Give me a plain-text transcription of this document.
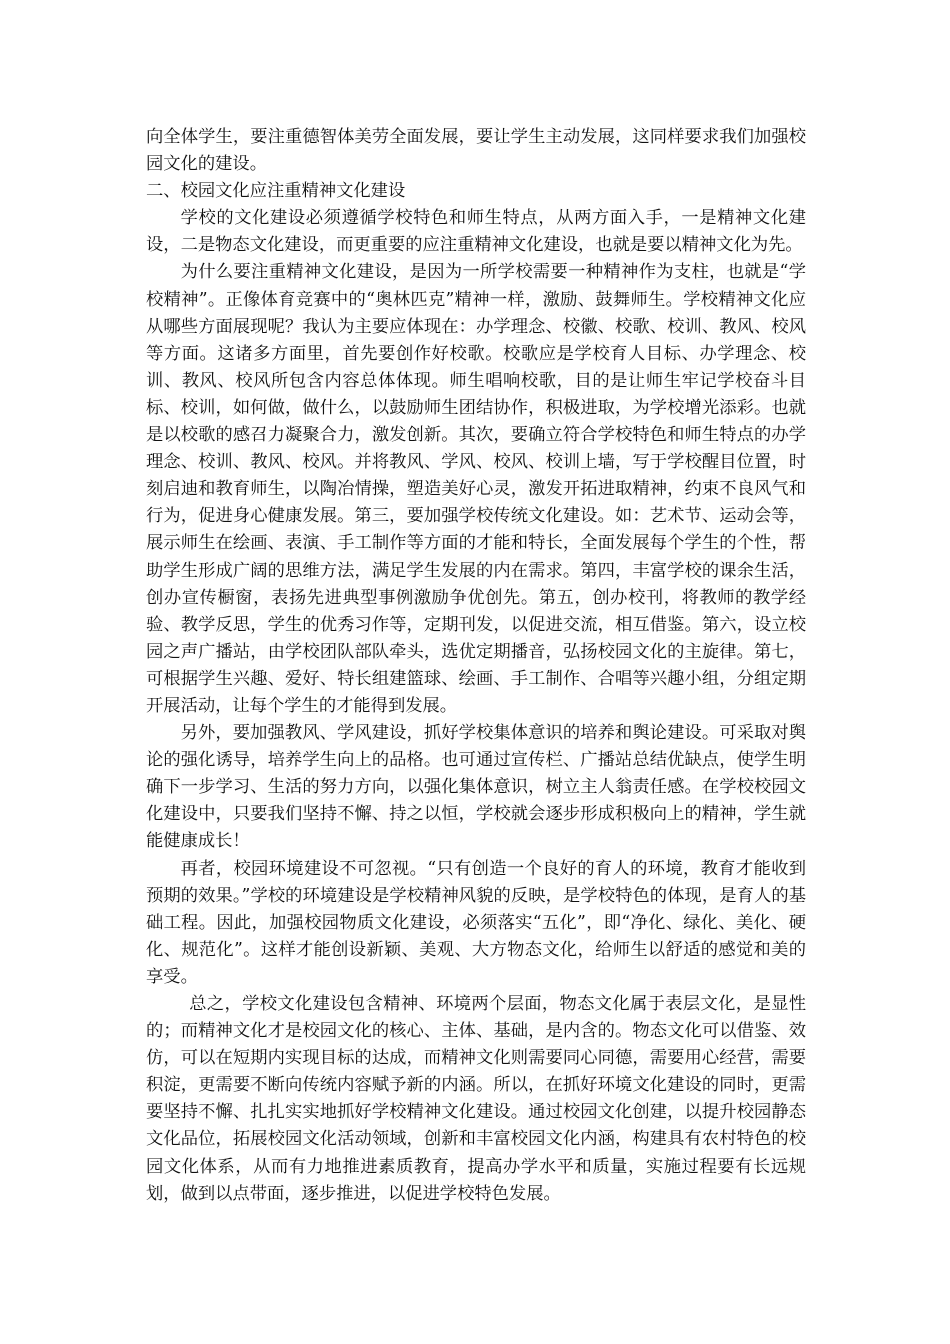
向全体学生，要注重德智体美劳全面发展，要让学生主动发展，这同样要求我们加强校园文化的建设。

二、校园文化应注重精神文化建设

学校的文化建设必须遵循学校特色和师生特点，从两方面入手，一是精神文化建设，二是物态文化建设，而更重要的应注重精神文化建设，也就是要以精神文化为先。

为什么要注重精神文化建设，是因为一所学校需要一种精神作为支柱，也就是“学校精神”。正像体育竞赛中的“奥林匹克”精神一样，激励、鼓舞师生。学校精神文化应从哪些方面展现呢？我认为主要应体现在：办学理念、校徽、校歌、校训、教风、校风等方面。这诸多方面里，首先要创作好校歌。校歌应是学校育人目标、办学理念、校训、教风、校风所包含内容总体体现。师生唱响校歌，目的是让师生牢记学校奋斗目标、校训，如何做，做什么，以鼓励师生团结协作，积极进取，为学校增光添彩。也就是以校歌的感召力凝聚合力，激发创新。其次，要确立符合学校特色和师生特点的办学理念、校训、教风、校风。并将教风、学风、校风、校训上墙，写于学校醒目位置，时刻启迪和教育师生，以陶冶情操，塑造美好心灵，激发开拓进取精神，约束不良风气和行为，促进身心健康发展。第三，要加强学校传统文化建设。如：艺术节、运动会等，展示师生在绘画、表演、手工制作等方面的才能和特长，全面发展每个学生的个性，帮助学生形成广阔的思维方法，满足学生发展的内在需求。第四，丰富学校的课余生活，创办宣传橱窗，表扬先进典型事例激励争优创先。第五，创办校刊，将教师的教学经验、教学反思，学生的优秀习作等，定期刊发，以促进交流，相互借鉴。第六，设立校园之声广播站，由学校团队部队牵头，选优定期播音，弘扬校园文化的主旋律。第七，可根据学生兴趣、爱好、特长组建篮球、绘画、手工制作、合唱等兴趣小组，分组定期开展活动，让每个学生的才能得到发展。

另外，要加强教风、学风建设，抓好学校集体意识的培养和舆论建设。可采取对舆论的强化诱导，培养学生向上的品格。也可通过宣传栏、广播站总结优缺点，使学生明确下一步学习、生活的努力方向，以强化集体意识，树立主人翁责任感。在学校校园文化建设中，只要我们坚持不懈、持之以恒，学校就会逐步形成积极向上的精神，学生就能健康成长！

再者，校园环境建设不可忽视。“只有创造一个良好的育人的环境，教育才能收到预期的效果。”学校的环境建设是学校精神风貌的反映，是学校特色的体现，是育人的基础工程。因此，加强校园物质文化建设，必须落实“五化”，即“净化、绿化、美化、硬化、规范化”。这样才能创设新颖、美观、大方物态文化，给师生以舒适的感觉和美的享受。

总之，学校文化建设包含精神、环境两个层面，物态文化属于表层文化，是显性的；而精神文化才是校园文化的核心、主体、基础，是内含的。物态文化可以借鉴、效仿，可以在短期内实现目标的达成，而精神文化则需要同心同德，需要用心经营，需要积淀，更需要不断向传统内容赋予新的内涵。所以，在抓好环境文化建设的同时，更需要坚持不懈、扎扎实实地抓好学校精神文化建设。通过校园文化创建，以提升校园静态文化品位，拓展校园文化活动领域，创新和丰富校园文化内涵，构建具有农村特色的校园文化体系，从而有力地推进素质教育，提高办学水平和质量，实施过程要有长远规划，做到以点带面，逐步推进，以促进学校特色发展。
